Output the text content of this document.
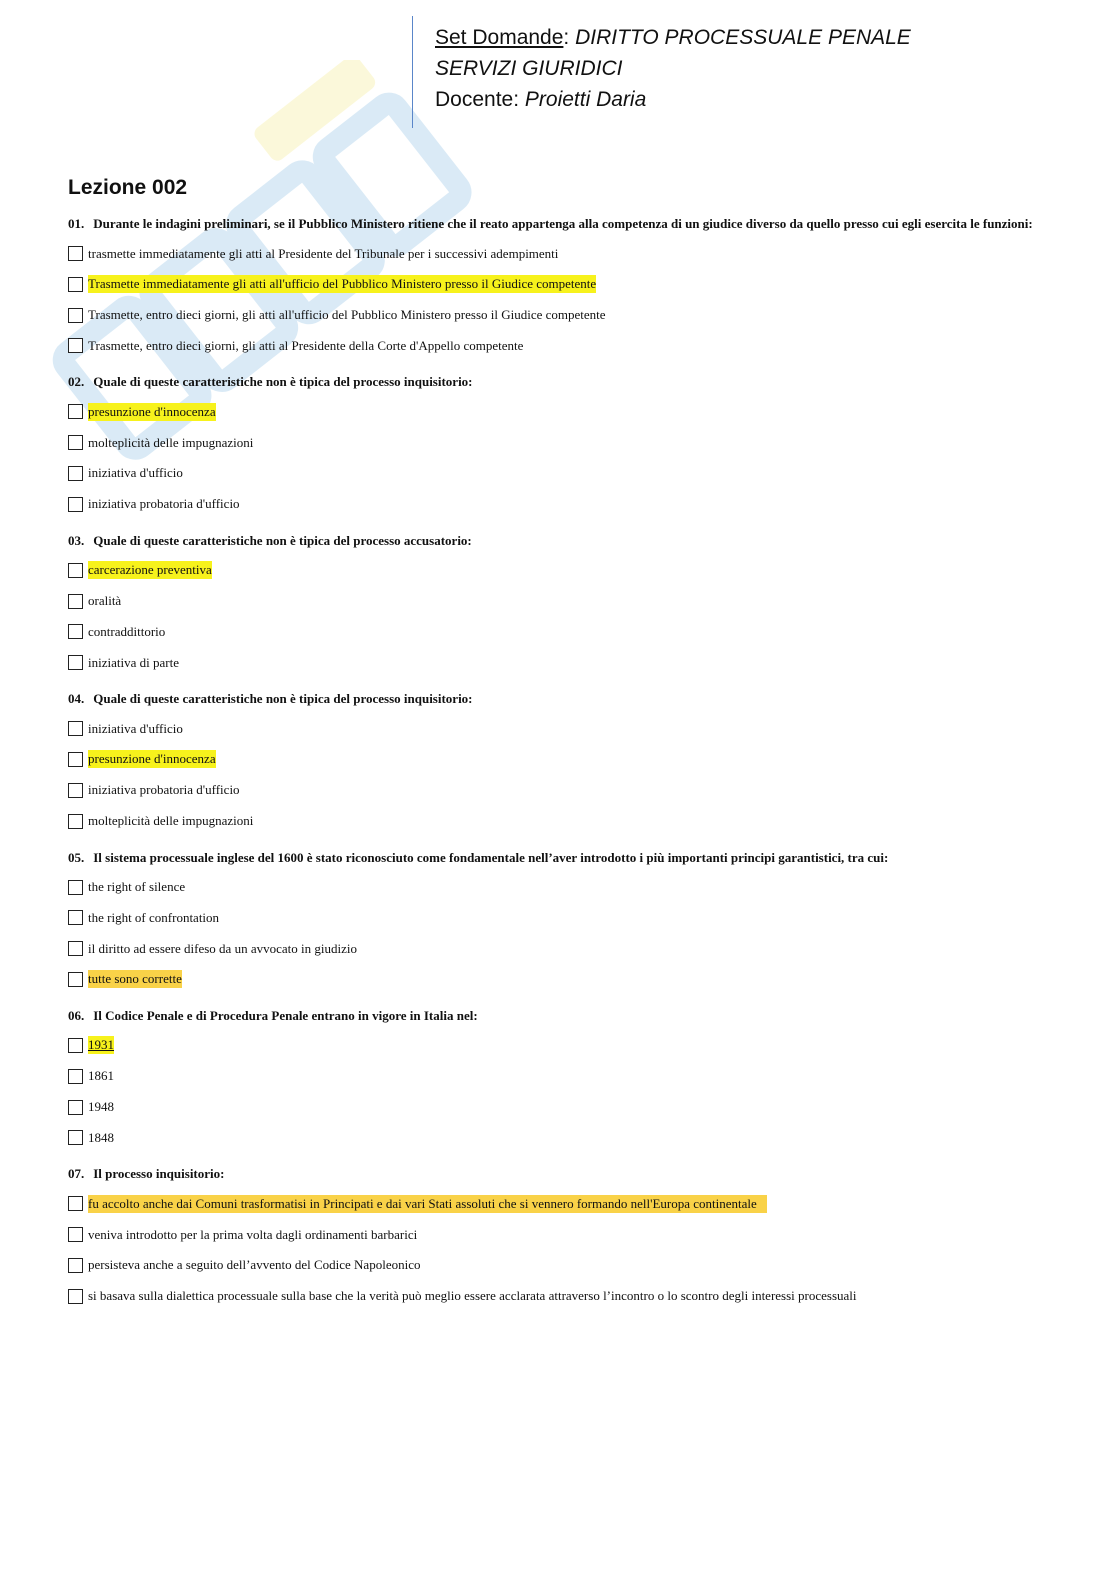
Set Domande: DIRITTO PROCESSUALE PENALE
SERVIZI GIURIDICI
Docente: Proietti Daria
Lezione 002

01. Durante le indagini preliminari, se il Pubblico Ministero ritiene che il reato appartenga alla competenza di un giudice diverso da quello presso cui egli esercita le funzioni:

trasmette immediatamente gli atti al Presidente del Tribunale per i successivi adempimenti
Trasmette immediatamente gli atti all'ufficio del Pubblico Ministero presso il Giudice competente
Trasmette, entro dieci giorni, gli atti all'ufficio del Pubblico Ministero presso il Giudice competente
Trasmette, entro dieci giorni, gli atti al Presidente della Corte d'Appello competente

02. Quale di queste caratteristiche non è tipica del processo inquisitorio:

presunzione d'innocenza
molteplicità delle impugnazioni
iniziativa d'ufficio
iniziativa probatoria d'ufficio

03. Quale di queste caratteristiche non è tipica del processo accusatorio:

carcerazione preventiva
oralità
contraddittorio
iniziativa di parte

04. Quale di queste caratteristiche non è tipica del processo inquisitorio:

iniziativa d'ufficio
presunzione d'innocenza
iniziativa probatoria d'ufficio
molteplicità delle impugnazioni

05. Il sistema processuale inglese del 1600 è stato riconosciuto come fondamentale nell’aver introdotto i più importanti principi garantistici, tra cui:

the right of silence
the right of confrontation
il diritto ad essere difeso da un avvocato in giudizio
tutte sono corrette

06. Il Codice Penale e di Procedura Penale entrano in vigore in Italia nel:

1931
1861
1948
1848

07. Il processo inquisitorio:

fu accolto anche dai Comuni trasformatisi in Principati e dai vari Stati assoluti che si vennero formando nell'Europa continentale
veniva introdotto per la prima volta dagli ordinamenti barbarici
persisteva anche a seguito dell’avvento del Codice Napoleonico
si basava sulla dialettica processuale sulla base che la verità può meglio essere acclarata attraverso l’incontro o lo scontro degli interessi processuali
